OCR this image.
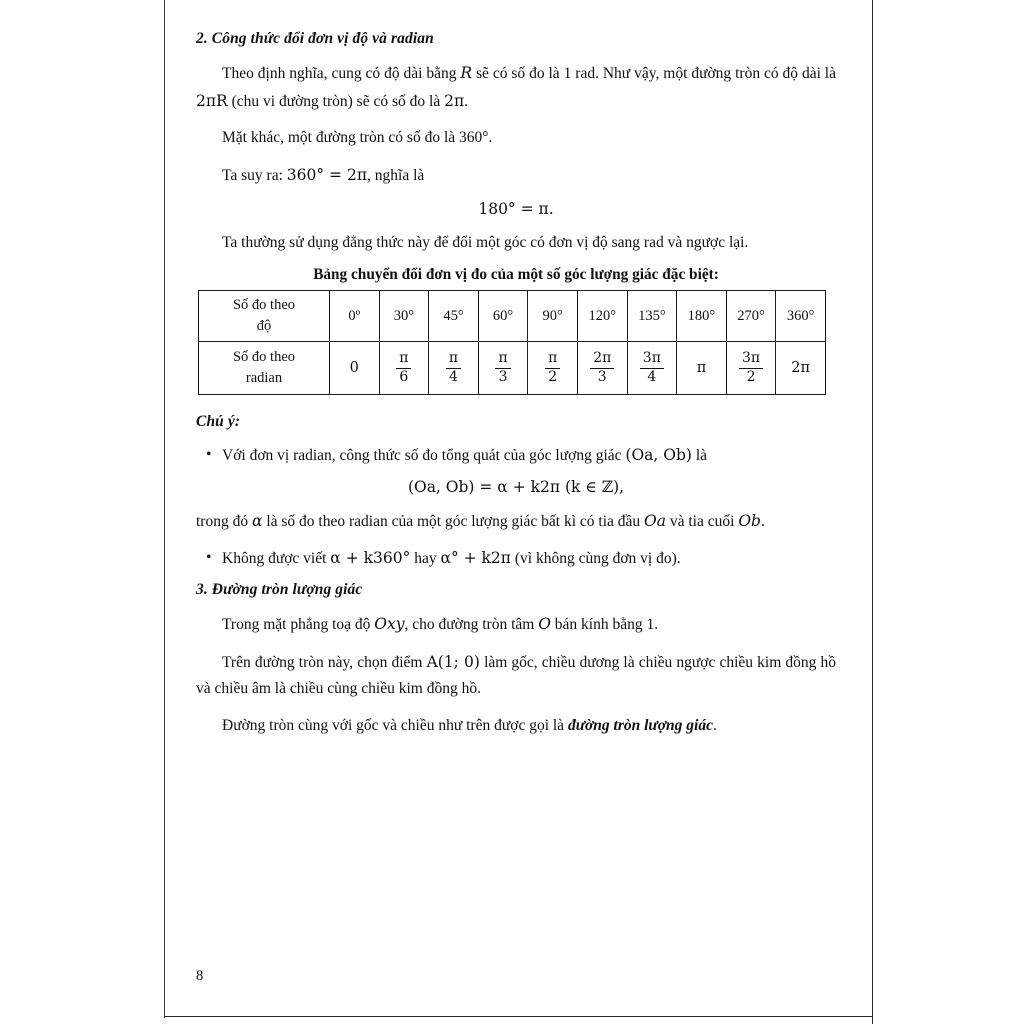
2. Công thức đổi đơn vị độ và radian

Theo định nghĩa, cung có độ dài bằng R sẽ có số đo là 1 rad. Như vậy, một đường tròn có độ dài là 2πR (chu vi đường tròn) sẽ có số đo là 2π.

Mặt khác, một đường tròn có số đo là 360°.

Ta suy ra: 360° = 2π, nghĩa là

180° = π.

Ta thường sử dụng đẳng thức này để đổi một góc có đơn vị độ sang rad và ngược lại.

Bảng chuyển đổi đơn vị đo của một số góc lượng giác đặc biệt:

Số đo theo
độ	0º	30°	45°	60°	90°	120°	135°	180°	270°	360°
Số đo theo
radian	0	$\frac{\pi}{6}$	$\frac{\pi}{4}$	$\frac{\pi}{3}$	$\frac{\pi}{2}$	$\frac{2\pi}{3}$	$\frac{3\pi}{4}$	π	$\frac{3\pi}{2}$	2π

Chú ý:

• Với đơn vị radian, công thức số đo tổng quát của góc lượng giác (Oa, Ob) là

(Oa, Ob) = α + k2π (k ∈ ℤ),

trong đó α là số đo theo radian của một góc lượng giác bất kì có tia đầu Oa và tia cuối Ob.

• Không được viết α + k360° hay α° + k2π (vì không cùng đơn vị đo).
3. Đường tròn lượng giác

Trong mặt phẳng toạ độ Oxy, cho đường tròn tâm O bán kính bằng 1.

Trên đường tròn này, chọn điểm A(1; 0) làm gốc, chiều dương là chiều ngược chiều kim đồng hồ và chiều âm là chiều cùng chiều kim đồng hồ.

Đường tròn cùng với gốc và chiều như trên được gọi là đường tròn lượng giác.

8
